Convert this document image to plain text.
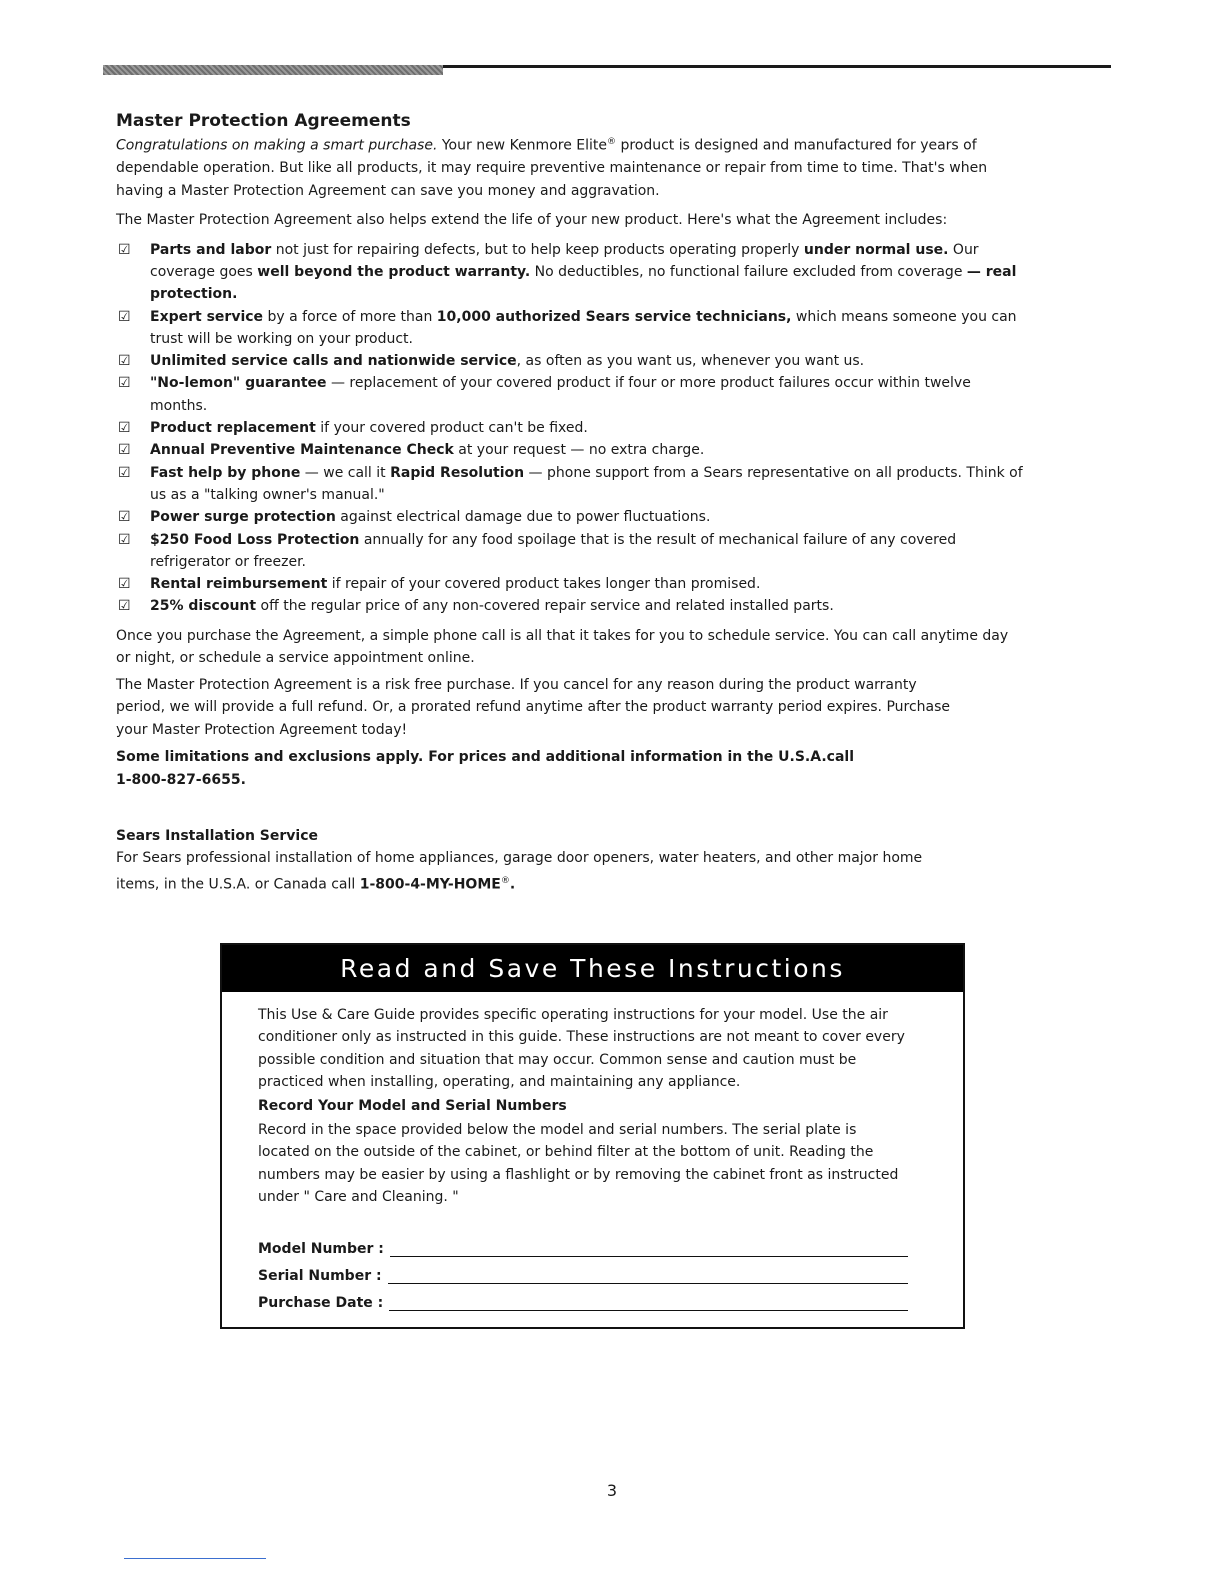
Master Protection Agreements

Congratulations on making a smart purchase. Your new Kenmore Elite® product is designed and manufactured for years of dependable operation. But like all products, it may require preventive maintenance or repair from time to time. That's when having a Master Protection Agreement can save you money and aggravation.

The Master Protection Agreement also helps extend the life of your new product. Here's what the Agreement includes:

☑ Parts and labor not just for repairing defects, but to help keep products operating properly under normal use. Our coverage goes well beyond the product warranty. No deductibles, no functional failure excluded from coverage — real protection.
☑ Expert service by a force of more than 10,000 authorized Sears service technicians, which means someone you can trust will be working on your product.
☑ Unlimited service calls and nationwide service, as often as you want us, whenever you want us.
☑ "No-lemon" guarantee — replacement of your covered product if four or more product failures occur within twelve months.
☑ Product replacement if your covered product can't be fixed.
☑ Annual Preventive Maintenance Check at your request — no extra charge.
☑ Fast help by phone — we call it Rapid Resolution — phone support from a Sears representative on all products. Think of us as a "talking owner's manual."
☑ Power surge protection against electrical damage due to power fluctuations.
☑ $250 Food Loss Protection annually for any food spoilage that is the result of mechanical failure of any covered refrigerator or freezer.
☑ Rental reimbursement if repair of your covered product takes longer than promised.
☑ 25% discount off the regular price of any non-covered repair service and related installed parts.

Once you purchase the Agreement, a simple phone call is all that it takes for you to schedule service. You can call anytime day or night, or schedule a service appointment online.

The Master Protection Agreement is a risk free purchase. If you cancel for any reason during the product warranty period, we will provide a full refund. Or, a prorated refund anytime after the product warranty period expires. Purchase your Master Protection Agreement today!

Some limitations and exclusions apply. For prices and additional information in the U.S.A.call 1-800-827-6655.
Sears Installation Service

For Sears professional installation of home appliances, garage door openers, water heaters, and other major home items, in the U.S.A. or Canada call 1-800-4-MY-HOME®.

Read and Save These Instructions

This Use & Care Guide provides specific operating instructions for your model. Use the air conditioner only as instructed in this guide. These instructions are not meant to cover every possible condition and situation that may occur. Common sense and caution must be practiced when installing, operating, and maintaining any appliance.

Record Your Model and Serial Numbers

Record in the space provided below the model and serial numbers. The serial plate is located on the outside of the cabinet, or behind filter at the bottom of unit. Reading the numbers may be easier by using a flashlight or by removing the cabinet front as instructed under " Care and Cleaning. "

Model Number :
Serial Number :
Purchase Date :
3
